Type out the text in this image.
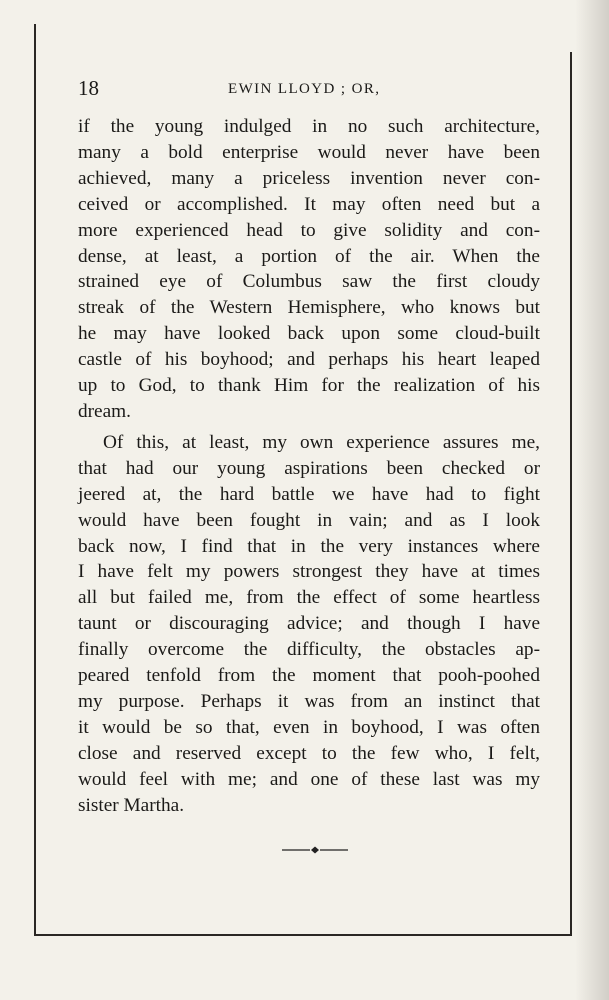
18	EWIN LLOYD ; OR,

if the young indulged in no such architecture,
many a bold enterprise would never have been
achieved, many a priceless invention never con-
ceived or accomplished. It may often need but a
more experienced head to give solidity and con-
dense, at least, a portion of the air. When the
strained eye of Columbus saw the first cloudy
streak of the Western Hemisphere, who knows but
he may have looked back upon some cloud-built
castle of his boyhood; and perhaps his heart leaped
up to God, to thank Him for the realization of his
dream.

Of this, at least, my own experience assures me,
that had our young aspirations been checked or
jeered at, the hard battle we have had to fight
would have been fought in vain; and as I look
back now, I find that in the very instances where
I have felt my powers strongest they have at times
all but failed me, from the effect of some heartless
taunt or discouraging advice; and though I have
finally overcome the difficulty, the obstacles ap-
peared tenfold from the moment that pooh-poohed
my purpose. Perhaps it was from an instinct that
it would be so that, even in boyhood, I was often
close and reserved except to the few who, I felt,
would feel with me; and one of these last was my
sister Martha.
